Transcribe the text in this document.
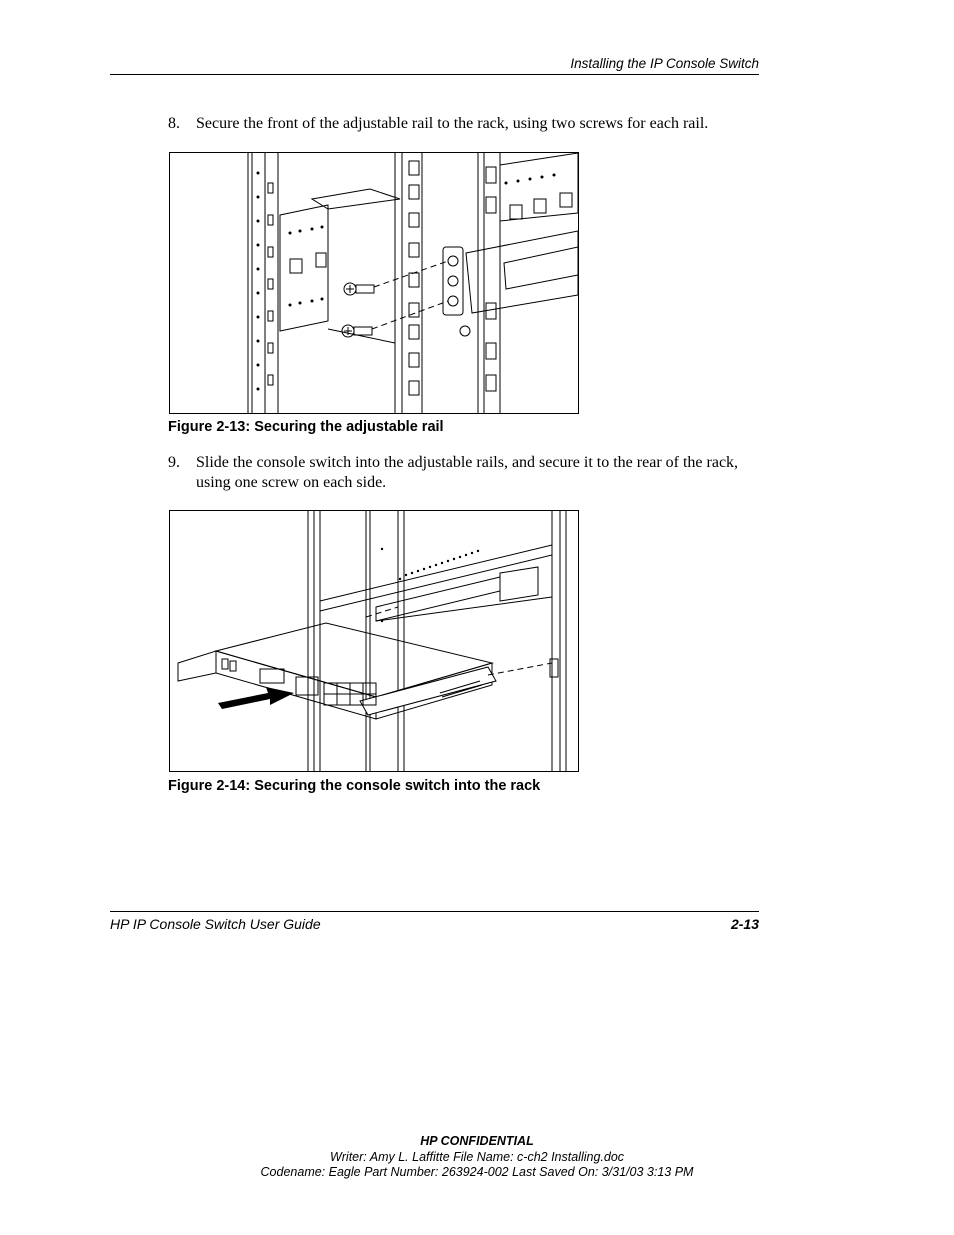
Installing the IP Console Switch
8. Secure the front of the adjustable rail to the rack, using two screws for each rail.
Figure 2-13: Securing the adjustable rail
9. Slide the console switch into the adjustable rails, and secure it to the rear of the rack, using one screw on each side.
Figure 2-14: Securing the console switch into the rack
HP IP Console Switch User Guide	2-13
HP CONFIDENTIAL
Writer: Amy L. Laffitte File Name: c-ch2 Installing.doc
Codename: Eagle Part Number: 263924-002 Last Saved On: 3/31/03 3:13 PM
